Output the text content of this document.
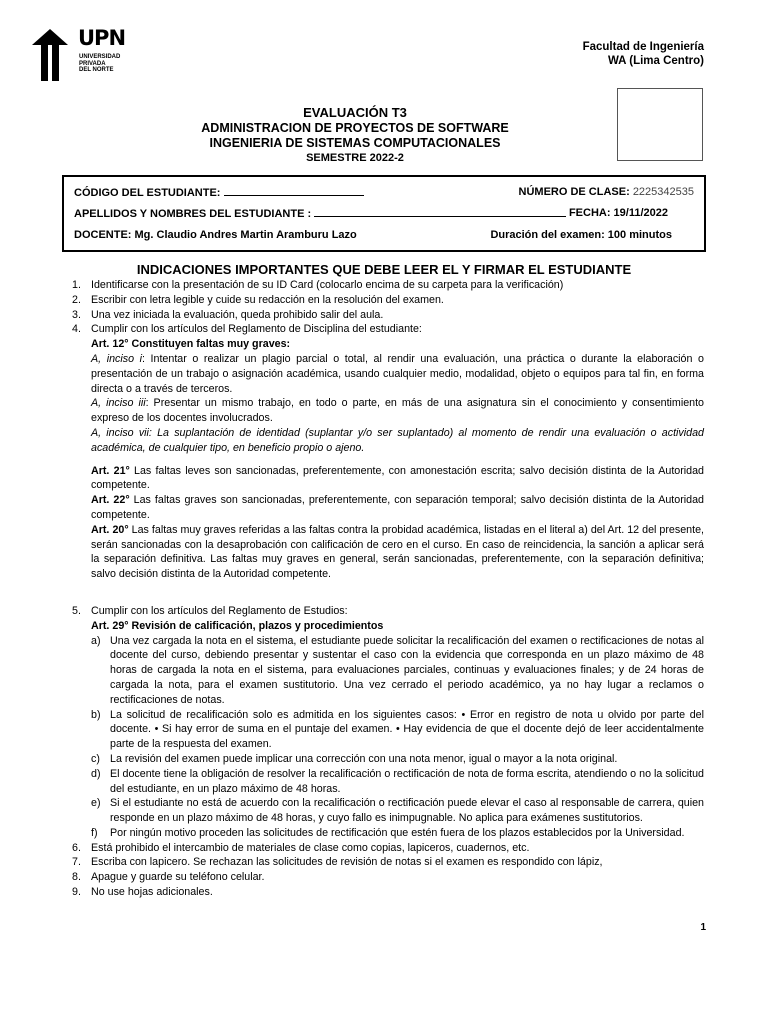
UPN
UNIVERSIDAD
PRIVADA
DEL NORTE
Facultad de Ingeniería
WA (Lima Centro)
EVALUACIÓN T3
ADMINISTRACION DE PROYECTOS DE SOFTWARE
INGENIERIA DE SISTEMAS COMPUTACIONALES
SEMESTRE 2022-2
CÓDIGO DEL ESTUDIANTE:	NÚMERO DE CLASE: 2225342535
APELLIDOS Y NOMBRES DEL ESTUDIANTE :	FECHA: 19/11/2022
DOCENTE: Mg. Claudio Andres Martin Aramburu Lazo	Duración del examen: 100 minutos
INDICACIONES IMPORTANTES QUE DEBE LEER EL Y FIRMAR EL ESTUDIANTE
1. Identificarse con la presentación de su ID Card (colocarlo encima de su carpeta para la verificación)
2. Escribir con letra legible y cuide su redacción en la resolución del examen.
3. Una vez iniciada la evaluación, queda prohibido salir del aula.
4. Cumplir con los artículos del Reglamento de Disciplina del estudiante:
Art. 12° Constituyen faltas muy graves:
A, inciso i: Intentar o realizar un plagio parcial o total, al rendir una evaluación, una práctica o durante la elaboración o presentación de un trabajo o asignación académica, usando cualquier medio, modalidad, objeto o equipos para tal fin, en forma directa o a través de terceros.
A, inciso iii: Presentar un mismo trabajo, en todo o parte, en más de una asignatura sin el conocimiento y consentimiento expreso de los docentes involucrados.
A, inciso vii: La suplantación de identidad (suplantar y/o ser suplantado) al momento de rendir una evaluación o actividad académica, de cualquier tipo, en beneficio propio o ajeno.
Art. 21° Las faltas leves son sancionadas, preferentemente, con amonestación escrita; salvo decisión distinta de la Autoridad competente.
Art. 22° Las faltas graves son sancionadas, preferentemente, con separación temporal; salvo decisión distinta de la Autoridad competente.
Art. 20° Las faltas muy graves referidas a las faltas contra la probidad académica, listadas en el literal a) del Art. 12 del presente, serán sancionadas con la desaprobación con calificación de cero en el curso. En caso de reincidencia, la sanción a aplicar será la separación definitiva. Las faltas muy graves en general, serán sancionadas, preferentemente, con la separación definitiva; salvo decisión distinta de la Autoridad competente.
5. Cumplir con los artículos del Reglamento de Estudios:
Art. 29° Revisión de calificación, plazos y procedimientos
a) Una vez cargada la nota en el sistema, el estudiante puede solicitar la recalificación del examen o rectificaciones de notas al docente del curso, debiendo presentar y sustentar el caso con la evidencia que corresponda en un plazo máximo de 48 horas de cargada la nota en el sistema, para evaluaciones parciales, continuas y evaluaciones finales; y de 24 horas de cargada la nota, para el examen sustitutorio. Una vez cerrado el periodo académico, ya no hay lugar a reclamos o rectificaciones de notas.
b) La solicitud de recalificación solo es admitida en los siguientes casos: • Error en registro de nota u olvido por parte del docente. • Si hay error de suma en el puntaje del examen. • Hay evidencia de que el docente dejó de leer accidentalmente parte de la respuesta del examen.
c) La revisión del examen puede implicar una corrección con una nota menor, igual o mayor a la nota original.
d) El docente tiene la obligación de resolver la recalificación o rectificación de nota de forma escrita, atendiendo o no la solicitud del estudiante, en un plazo máximo de 48 horas.
e) Si el estudiante no está de acuerdo con la recalificación o rectificación puede elevar el caso al responsable de carrera, quien responde en un plazo máximo de 48 horas, y cuyo fallo es inimpugnable. No aplica para exámenes sustitutorios.
f) Por ningún motivo proceden las solicitudes de rectificación que estén fuera de los plazos establecidos por la Universidad.
6. Está prohibido el intercambio de materiales de clase como copias, lapiceros, cuadernos, etc.
7. Escriba con lapicero. Se rechazan las solicitudes de revisión de notas si el examen es respondido con lápiz,
8. Apague y guarde su teléfono celular.
9. No use hojas adicionales.
1
